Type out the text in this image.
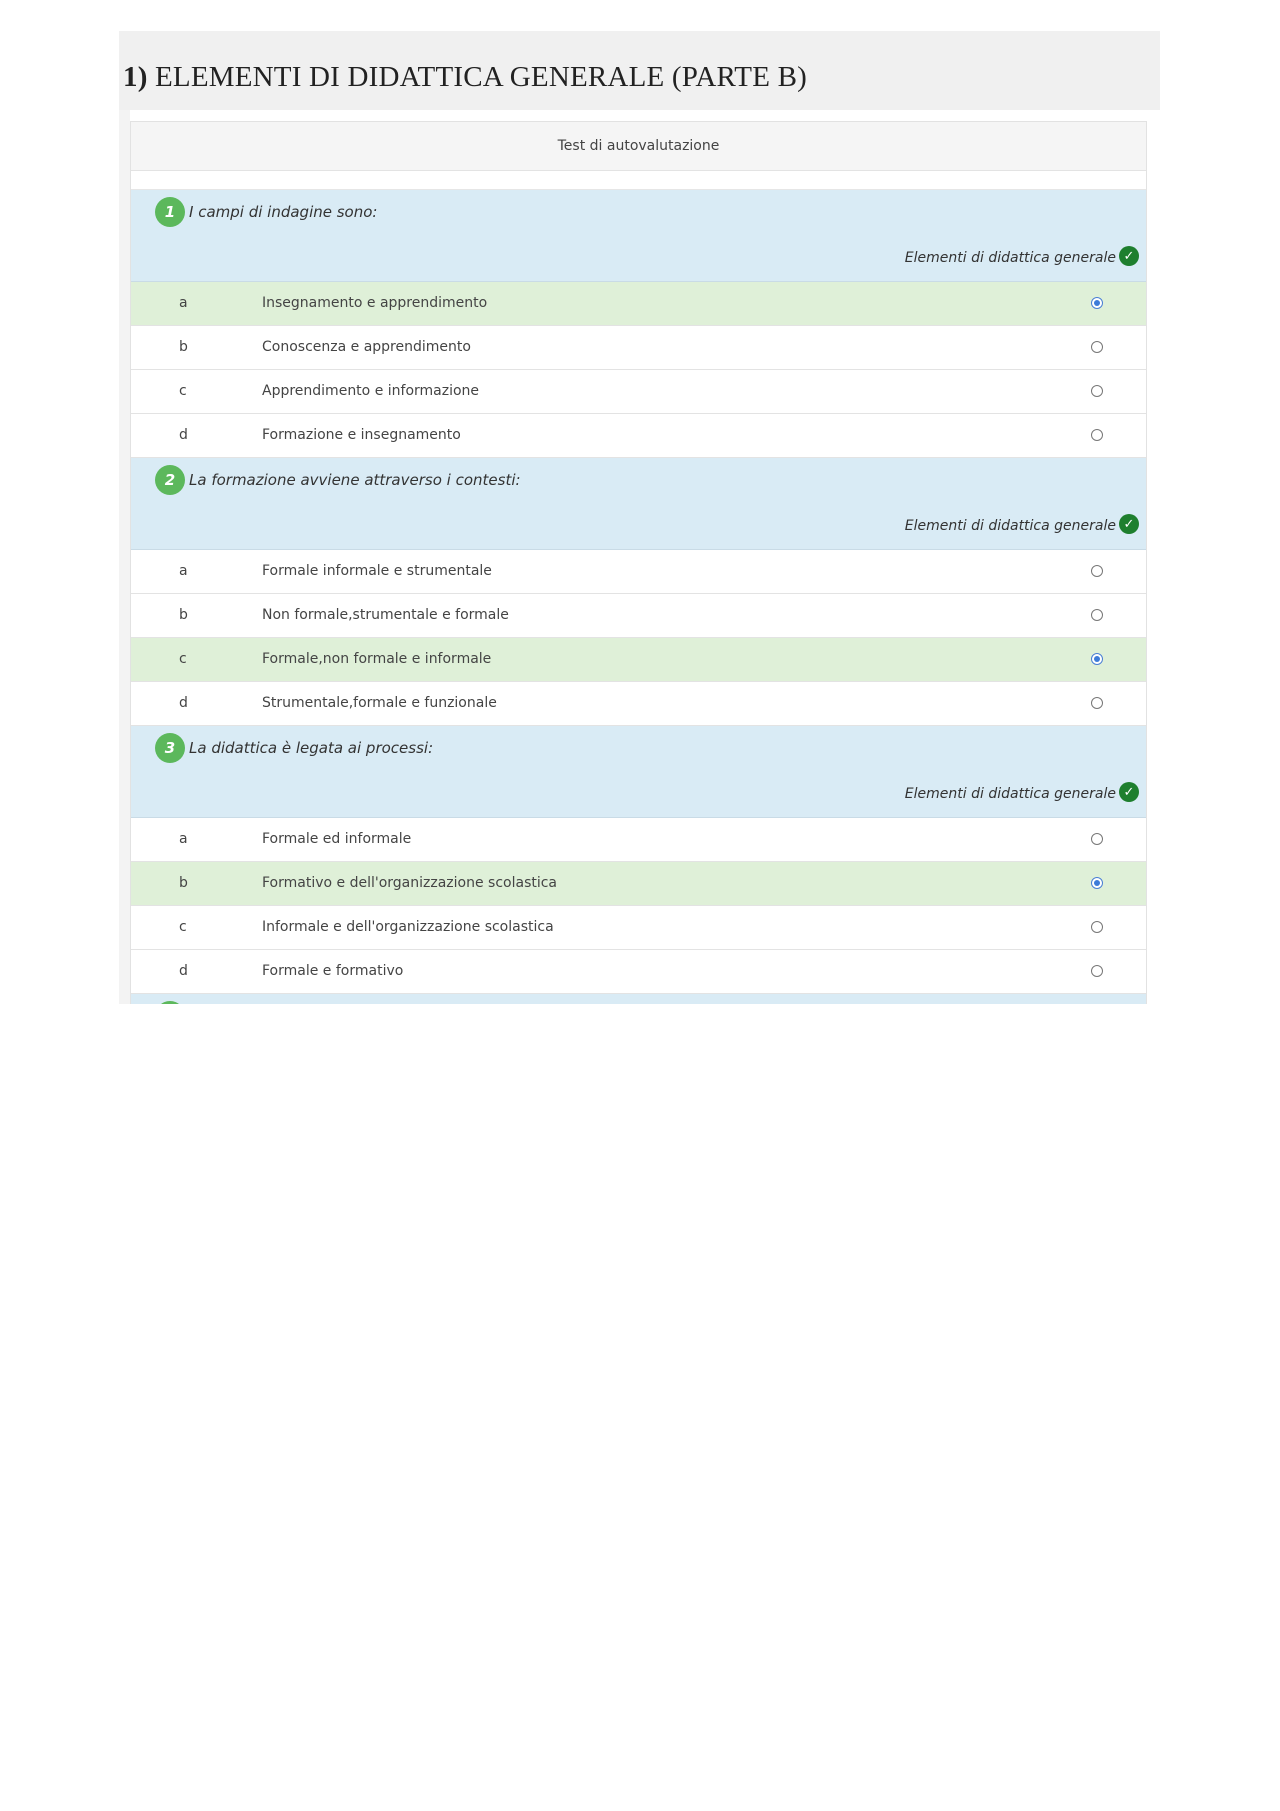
1) ELEMENTI DI DIDATTICA GENERALE (PARTE B)
Test di autovalutazione
1 I campi di indagine sono:
Elementi di didattica generale ✓
a	Insegnamento e apprendimento
b	Conoscenza e apprendimento
c	Apprendimento e informazione
d	Formazione e insegnamento
2 La formazione avviene attraverso i contesti:
Elementi di didattica generale ✓
a	Formale informale e strumentale
b	Non formale,strumentale e formale
c	Formale,non formale e informale
d	Strumentale,formale e funzionale
3 La didattica è legata ai processi:
Elementi di didattica generale ✓
a	Formale ed informale
b	Formativo e dell'organizzazione scolastica
c	Informale e dell'organizzazione scolastica
d	Formale e formativo
